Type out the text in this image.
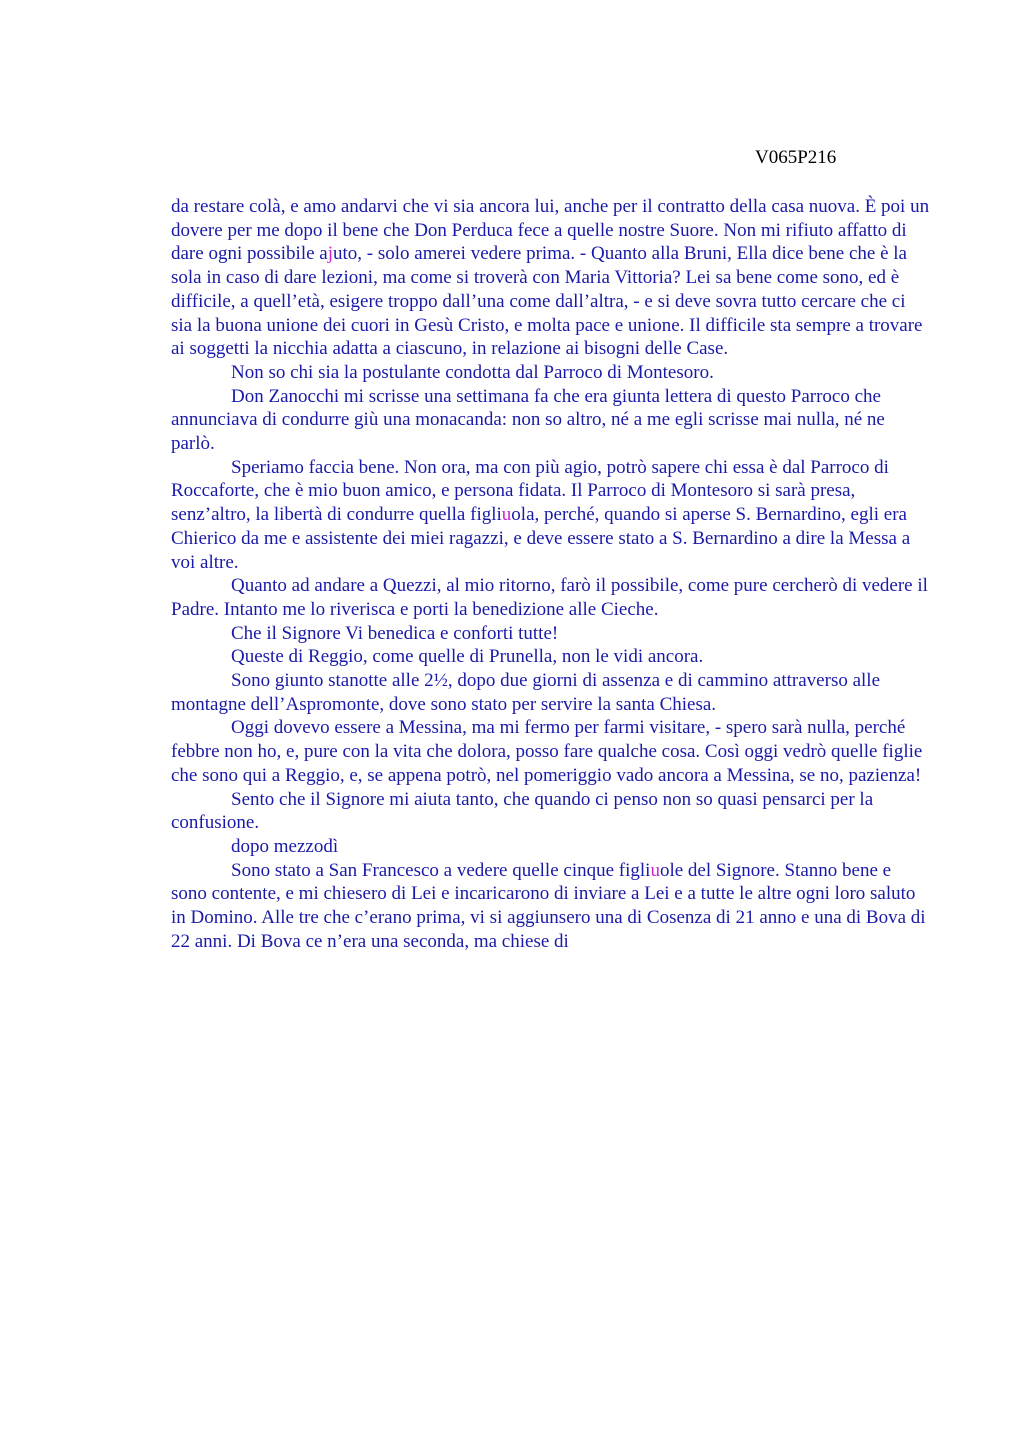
V065P216

da restare colà, e amo andarvi che vi sia ancora lui, anche per il contratto della casa nuova. È poi un dovere per me dopo il bene che Don Perduca fece a quelle nostre Suore. Non mi rifiuto affatto di dare ogni possibile ajuto, - solo amerei vedere prima. - Quanto alla Bruni, Ella dice bene che è la sola in caso di dare lezioni, ma come si troverà con Maria Vittoria? Lei sa bene come sono, ed è difficile, a quell’età, esigere troppo dall’una come dall’altra, - e si deve sovra tutto cercare che ci sia la buona unione dei cuori in Gesù Cristo, e molta pace e unione. Il difficile sta sempre a trovare ai soggetti la nicchia adatta a ciascuno, in relazione ai bisogni delle Case.

Non so chi sia la postulante condotta dal Parroco di Montesoro.

Don Zanocchi mi scrisse una settimana fa che era giunta lettera di questo Parroco che annunciava di condurre giù una monacanda: non so altro, né a me egli scrisse mai nulla, né ne parlò.

Speriamo faccia bene. Non ora, ma con più agio, potrò sapere chi essa è dal Parroco di Roccaforte, che è mio buon amico, e persona fidata. Il Parroco di Montesoro si sarà presa, senz’altro, la libertà di condurre quella figliuola, perché, quando si aperse S. Bernardino, egli era Chierico da me e assistente dei miei ragazzi, e deve essere stato a S. Bernardino a dire la Messa a voi altre.

Quanto ad andare a Quezzi, al mio ritorno, farò il possibile, come pure cercherò di vedere il Padre. Intanto me lo riverisca e porti la benedizione alle Cieche.

Che il Signore Vi benedica e conforti tutte!

Queste di Reggio, come quelle di Prunella, non le vidi ancora.

Sono giunto stanotte alle 2½, dopo due giorni di assenza e di cammino attraverso alle montagne dell’Aspromonte, dove sono stato per servire la santa Chiesa.

Oggi dovevo essere a Messina, ma mi fermo per farmi visitare, - spero sarà nulla, perché febbre non ho, e, pure con la vita che dolora, posso fare qualche cosa. Così oggi vedrò quelle figlie che sono qui a Reggio, e, se appena potrò, nel pomeriggio vado ancora a Messina, se no, pazienza!

Sento che il Signore mi aiuta tanto, che quando ci penso non so quasi pensarci per la confusione.

dopo mezzodì

Sono stato a San Francesco a vedere quelle cinque figliuole del Signore. Stanno bene e sono contente, e mi chiesero di Lei e incaricarono di inviare a Lei e a tutte le altre ogni loro saluto in Domino. Alle tre che c’erano prima, vi si aggiunsero una di Cosenza di 21 anno e una di Bova di 22 anni. Di Bova ce n’era una seconda, ma chiese di
